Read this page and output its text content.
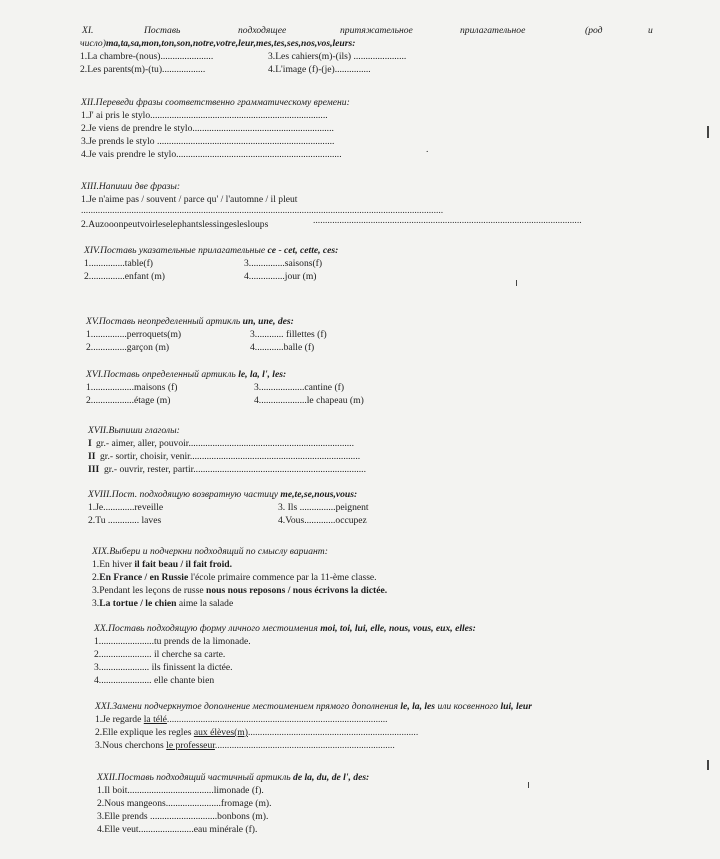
XI.	Поставь	подходящее	притяжательное	прилагательное	(род	и
число)ma,ta,sa,mon,ton,son,notre,votre,leur,mes,tes,ses,nos,vos,leurs:
1.La chambre-(nous)......................	3.Les cahiers(m)-(ils) ......................
2.Les parents(m)-(tu)..................	4.L'image (f)-(je)...............
XII.Переведи фразы соответственно грамматическому времени:
1.J' ai pris le stylo..........................................................................
2.Je viens de prendre le stylo...........................................................
3.Je prends le stylo ..........................................................................
4.Je vais prendre le stylo.....................................................................	.
XIII.Напиши две фразы:
1.Je n'aime pas / souvent / parce qu' / l'automne / il pleut
.......................................................................................................................................................
2.Auzooonpeutvoirleselephantslessingeslesloups	................................................................................................................
XIV.Поставь указательные прилагательные ce - cet, cette, ces:
1...............table(f)	3...............saisons(f)
2...............enfant (m)	4...............jour (m)
XV.Поставь неопределенный артикль un, une, des:
1...............perroquets(m)	3............ fillettes (f)
2...............garçon (m)	4............balle (f)
XVI.Поставь определенный артикль le, la, l', les:
1..................maisons (f)	3...................cantine (f)
2..................étage (m)	4....................le chapeau (m)
XVII.Выпиши глаголы:
I gr.- aimer, aller, pouvoir.....................................................................
II gr.- sortir, choisir, venir.......................................................................
III gr.- ouvrir, rester, partir........................................................................
XVIII.Пост. подходящую возвратную частицу me,te,se,nous,vous:
1.Je.............reveille	3. Ils ...............peignent
2.Tu ............. laves	4.Vous.............occupez
XIX.Выбери и подчеркни подходящий по смыслу вариант:
1.En hiver il fait beau / il fait froid.
2.En France / en Russie l'école primaire commence par la 11-ème classe.
3.Pendant les leçons de russe nous nous reposons / nous écrivons la dictée.
3.La tortue / le chien aime la salade
XX.Поставь подходящую форму личного местоимения moi, toi, lui, elle, nous, vous, eux, elles:
1.......................tu prends de la limonade.
2...................... il cherche sa carte.
3..................... ils finissent la dictée.
4...................... elle chante bien
XXI.Замени подчеркнутое дополнение местоимением прямого дополнения le, la, les или косвенного lui, leur
1.Je regarde la télé............................................................................................
2.Elle explique les regles aux élèves(m).......................................................................
3.Nous cherchons le professeur...........................................................................
XXII.Поставь подходящий частичный артикль de la, du, de l', des:
1.Il boit....................................limonade (f).
2.Nous mangeons.......................fromage (m).
3.Elle prends ............................bonbons (m).
4.Elle veut.......................eau minérale (f).
